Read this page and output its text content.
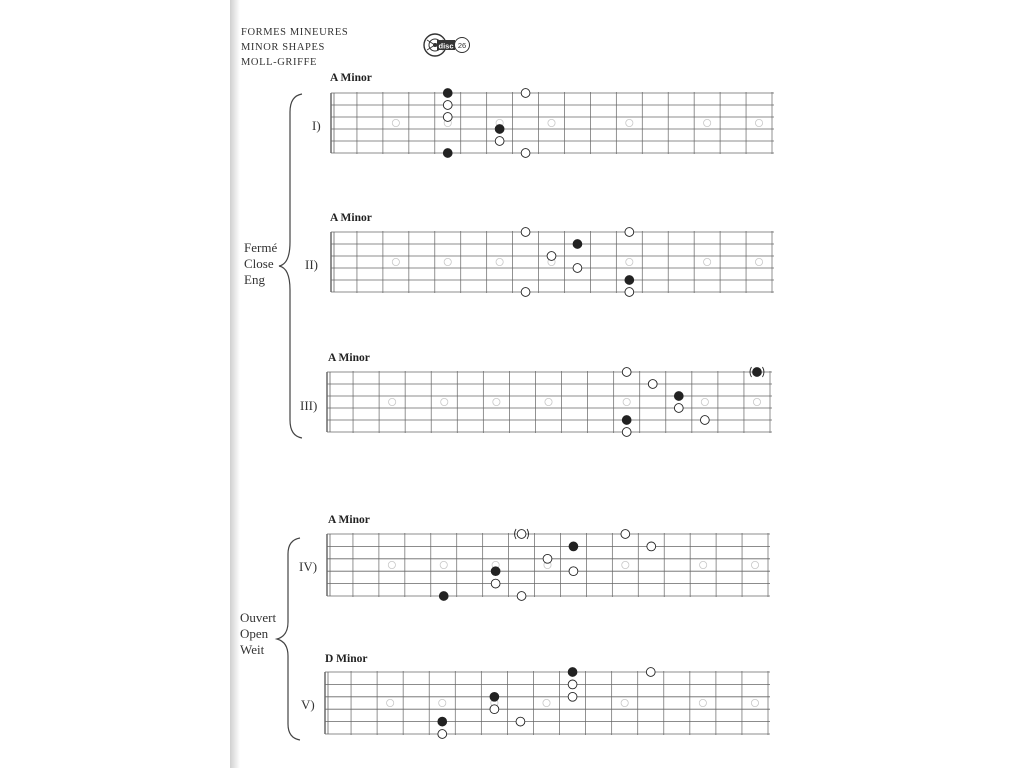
FORMES MINEURES
MINOR SHAPES
MOLL-GRIFFE
disc 26
Fermé
Close
Eng
Ouvert
Open
Weit
A Minor
I)
A Minor
II)
A Minor
III)
A Minor
IV)
D Minor
V)
